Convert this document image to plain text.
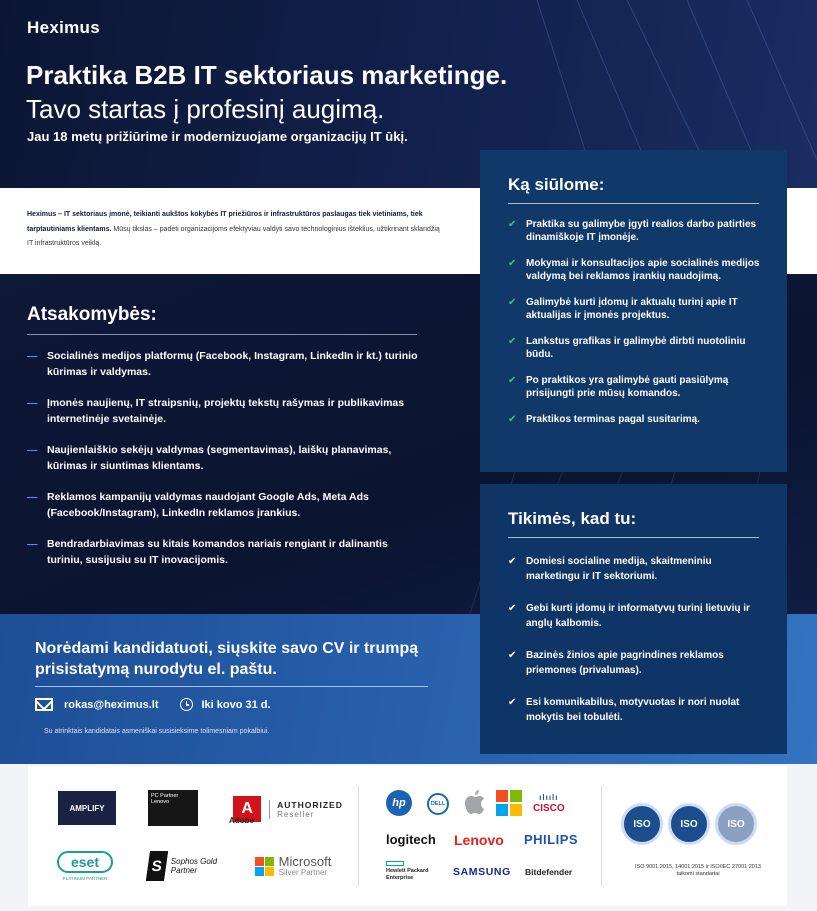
Heximus
Praktika B2B IT sektoriaus marketinge.
Tavo startas į profesinį augimą.
Jau 18 metų prižiūrime ir modernizuojame organizacijų IT ūkį.

Heximus – IT sektoriaus įmonė, teikianti aukštos kokybės IT priežiūros ir infrastruktūros paslaugas tiek vietiniams, tiek tarptautiniams klientams. Mūsų tikslas – padėti organizacijoms efektyviau valdyti savo technologinius išteklius, užtikrinant sklandžią IT infrastruktūros veiklą.

Atsakomybės:
— Socialinės medijos platformų (Facebook, Instagram, LinkedIn ir kt.) turinio kūrimas ir valdymas.
— Įmonės naujienų, IT straipsnių, projektų tekstų rašymas ir publikavimas internetinėje svetainėje.
— Naujienlaiškio sekėjų valdymas (segmentavimas), laiškų planavimas, kūrimas ir siuntimas klientams.
— Reklamos kampanijų valdymas naudojant Google Ads, Meta Ads (Facebook/Instagram), LinkedIn reklamos įrankius.
— Bendradarbiavimas su kitais komandos nariais rengiant ir dalinantis turiniu, susijusiu su IT inovacijomis.
Norėdami kandidatuoti, siųskite savo CV ir trumpą prisistatymą nurodytu el. paštu.
rokas@heximus.lt	Iki kovo 31 d.
Su atrinktais kandidatais asmeniškai susisieksime tolimesniam pokalbiui.
Ką siūlome:
✔ Praktika su galimybe įgyti realios darbo patirties dinamiškoje IT įmonėje.
✔ Mokymai ir konsultacijos apie socialinės medijos valdymą bei reklamos įrankių naudojimą.
✔ Galimybė kurti įdomų ir aktualų turinį apie IT aktualijas ir įmonės projektus.
✔ Lankstus grafikas ir galimybė dirbti nuotoliniu būdu.
✔ Po praktikos yra galimybė gauti pasiūlymą prisijungti prie mūsų komandos.
✔ Praktikos terminas pagal susitarimą.
Tikimės, kad tu:
✔ Domiesi socialine medija, skaitmeniniu marketingu ir IT sektoriumi.
✔ Gebi kurti įdomų ir informatyvų turinį lietuvių ir anglų kalbomis.
✔ Bazinės žinios apie pagrindines reklamos priemones (privalumas).
✔ Esi komunikabilus, motyvuotas ir nori nuolat mokytis bei tobulėti.
AMPLIFY
PC Partner
Lenovo	A	AUTHORIZED
Reseller
Adobe
eset
PLATINUM PARTNER
S Sophos Gold Partner
Microsoft
Silver Partner
hp	DELL
ılıılı
CISCO
logitech Lenovo PHILIPS
Hewlett Packard Enterprise	SAMSUNG Bitdefender
ISO	ISO	ISO
ISO 9001:2015, 14001:2015 ir ISO/IEC 27001:2013 taikomi standartai
